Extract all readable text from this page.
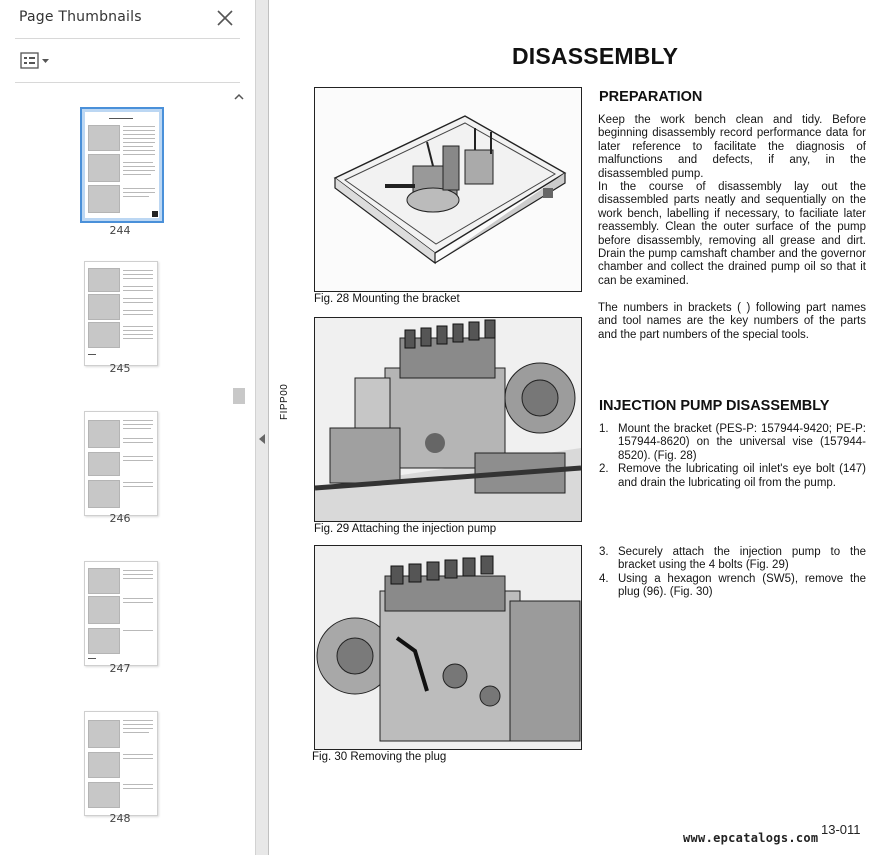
Page Thumbnails
244
245
246
247
248
DISASSEMBLY
Fig. 28 Mounting the bracket
Fig. 29 Attaching the injection pump
Fig. 30 Removing the plug
FIPP00
PREPARATION
Keep the work bench clean and tidy. Before beginning disassembly record performance data for later reference to facilitate the diagnosis of malfunctions and defects, if any, in the disassembled pump.
In the course of disassembly lay out the disassembled parts neatly and sequentially on the work bench, labelling if necessary, to faciliate later reassembly. Clean the outer surface of the pump before disassembly, removing all grease and dirt. Drain the pump camshaft chamber and the governor chamber and collect the drained pump oil so that it can be examined.
The numbers in brackets ( ) following part names and tool names are the key numbers of the parts and the part numbers of the special tools.
INJECTION PUMP DISASSEMBLY
1. Mount the bracket (PES-P: 157944-9420; PE-P: 157944-8620) on the universal vise (157944-8520). (Fig. 28)
2. Remove the lubricating oil inlet's eye bolt (147) and drain the lubricating oil from the pump.
3. Securely attach the injection pump to the bracket using the 4 bolts (Fig. 29)
4. Using a hexagon wrench (SW5), remove the plug (96). (Fig. 30)
13-011
www.epcatalogs.com
